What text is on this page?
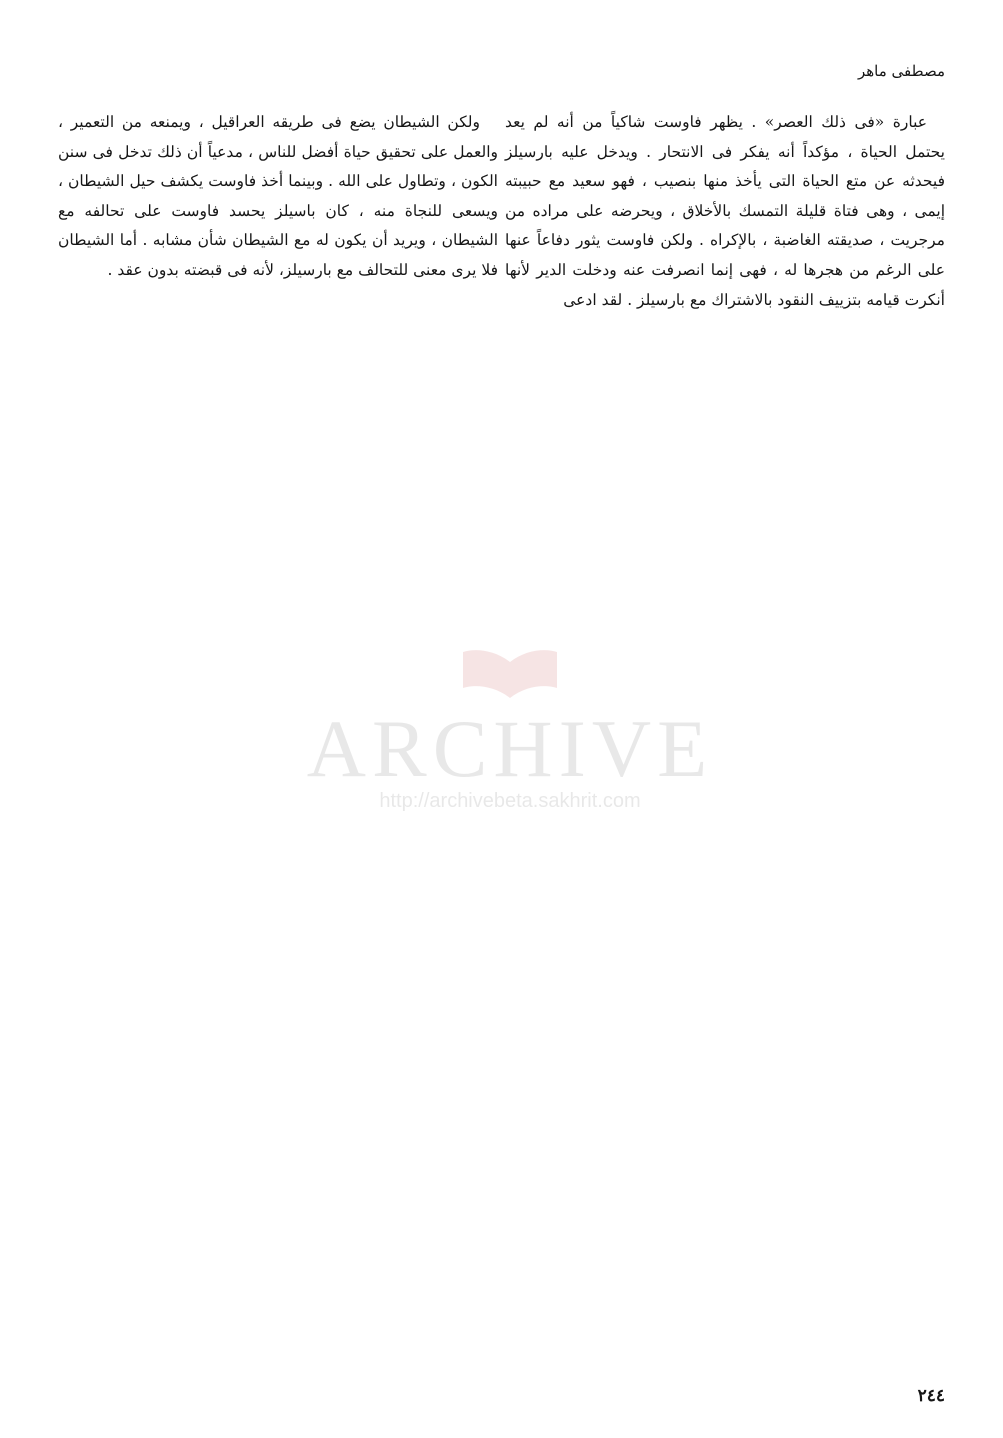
مصطفى ماهر

عبارة «فى ذلك العصر» . يظهر فاوست شاكياً من أنه لم يعد يحتمل الحياة ، مؤكداً أنه يفكر فى الانتحار . ويدخل عليه بارسيلز فيحدثه عن متع الحياة التى يأخذ منها بنصيب ، فهو سعيد مع حبيبته إيمى ، وهى فتاة قليلة التمسك بالأخلاق ، ويحرضه على مراده من مرجريت ، صديقته الغاضبة ، بالإكراه . ولكن فاوست يثور دفاعاً عنها على الرغم من هجرها له ، فهى إنما انصرفت عنه ودخلت الدير لأنها أنكرت قيامه بتزييف النقود بالاشتراك مع بارسيلز . لقد ادعى

ولكن الشيطان يضع فى طريقه العراقيل ، ويمنعه من التعمير ، والعمل على تحقيق حياة أفضل للناس ، مدعياً أن ذلك تدخل فى سنن الكون ، وتطاول على الله . وبينما أخذ فاوست يكشف حيل الشيطان ، ويسعى للنجاة منه ، كان باسيلز يحسد فاوست على تحالفه مع الشيطان ، ويريد أن يكون له مع الشيطان شأن مشابه . أما الشيطان فلا يرى معنى للتحالف مع بارسيلز، لأنه فى قبضته بدون عقد .

ARCHIVE
http://archivebeta.sakhrit.com
٢٤٤
